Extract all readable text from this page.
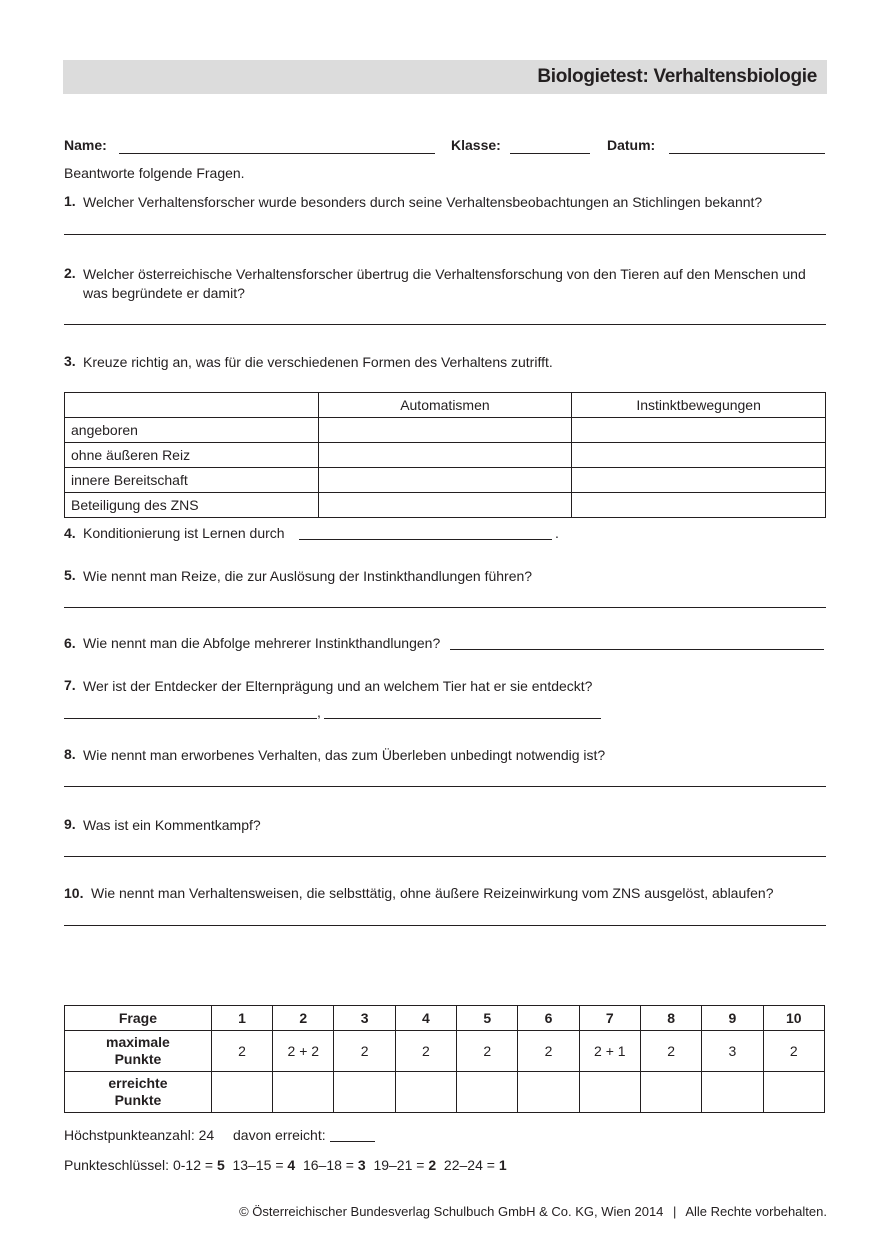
Biologietest: Verhaltensbiologie
Name:	Klasse:	Datum:
Beantworte folgende Fragen.
1. Welcher Verhaltensforscher wurde besonders durch seine Verhaltensbeobachtungen an Stichlingen bekannt?
2. Welcher österreichische Verhaltensforscher übertrug die Verhaltensforschung von den Tieren auf den Menschen und was begründete er damit?
3. Kreuze richtig an, was für die verschiedenen Formen des Verhaltens zutrifft.
	Automatismen	Instinktbewegungen
angeboren		
ohne äußeren Reiz		
innere Bereitschaft		
Beteiligung des ZNS		
4. Konditionierung ist Lernen durch	.
5. Wie nennt man Reize, die zur Auslösung der Instinkthandlungen führen?
6. Wie nennt man die Abfolge mehrerer Instinkthandlungen?
7. Wer ist der Entdecker der Elternprägung und an welchem Tier hat er sie entdeckt?
,
8. Wie nennt man erworbenes Verhalten, das zum Überleben unbedingt notwendig ist?
9. Was ist ein Kommentkampf?
10. Wie nennt man Verhaltensweisen, die selbsttätig, ohne äußere Reizeinwirkung vom ZNS ausgelöst, ablaufen?
Frage	1	2	3	4	5	6	7	8	9	10
maximale
Punkte	2	2 + 2	2	2	2	2	2 + 1	2	3	2
erreichte
Punkte										
Höchstpunkteanzahl: 24 davon erreicht:
Punkteschlüssel: 0-12 = 5 13–15 = 4 16–18 = 3 19–21 = 2 22–24 = 1
© Österreichischer Bundesverlag Schulbuch GmbH & Co. KG, Wien 2014 | Alle Rechte vorbehalten.
